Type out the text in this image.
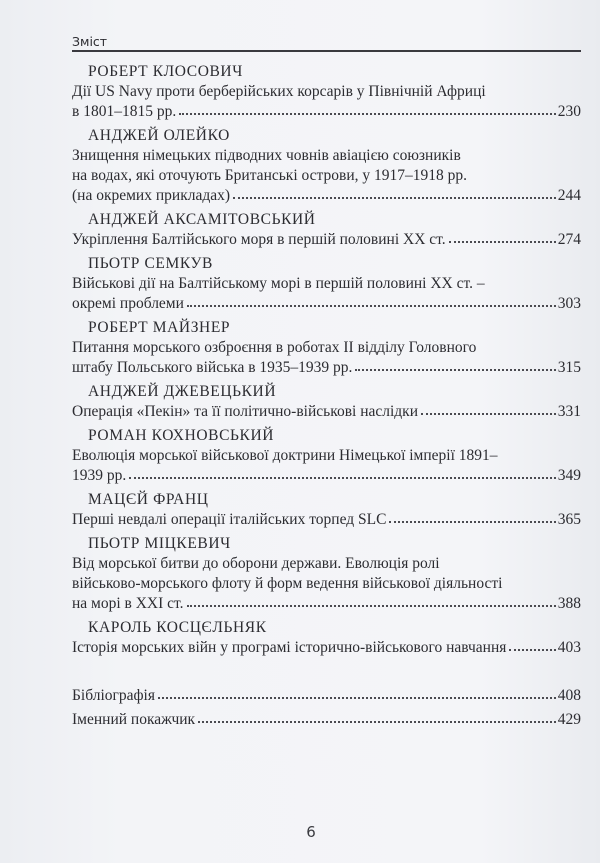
Зміст
РОБЕРТ КЛОСОВИЧ
Дії US Navy проти берберійських корсарів у Північній Африці
в 1801–1815 рр.	230
АНДЖЕЙ ОЛЕЙКО
Знищення німецьких підводних човнів авіацією союзників
на водах, які оточують Британські острови, у 1917–1918 рр.
(на окремих прикладах)	244
АНДЖЕЙ АКСАМІТОВСЬКИЙ
Укріплення Балтійського моря в першій половині XX ст.	274
ПЬОТР СЕМКУВ
Військові дії на Балтійському морі в першій половині XX ст. –
окремі проблеми	303
РОБЕРТ МАЙЗНЕР
Питання морського озброєння в роботах II відділу Головного
штабу Польського війська в 1935–1939 рр.	315
АНДЖЕЙ ДЖЕВЕЦЬКИЙ
Операція «Пекін» та її політично-військові наслідки	331
РОМАН КОХНОВСЬКИЙ
Еволюція морської військової доктрини Німецької імперії 1891–
1939 рр.	349
МАЦЄЙ ФРАНЦ
Перші невдалі операції італійських торпед SLC	365
ПЬОТР МІЦКЕВИЧ
Від морської битви до оборони держави. Еволюція ролі
військово-морського флоту й форм ведення військової діяльності
на морі в XXI ст.	388
КАРОЛЬ КОСЦЄЛЬНЯК
Історія морських війн у програмі історично-військового навчання	403
Бібліографія	408
Іменний покажчик	429
6
